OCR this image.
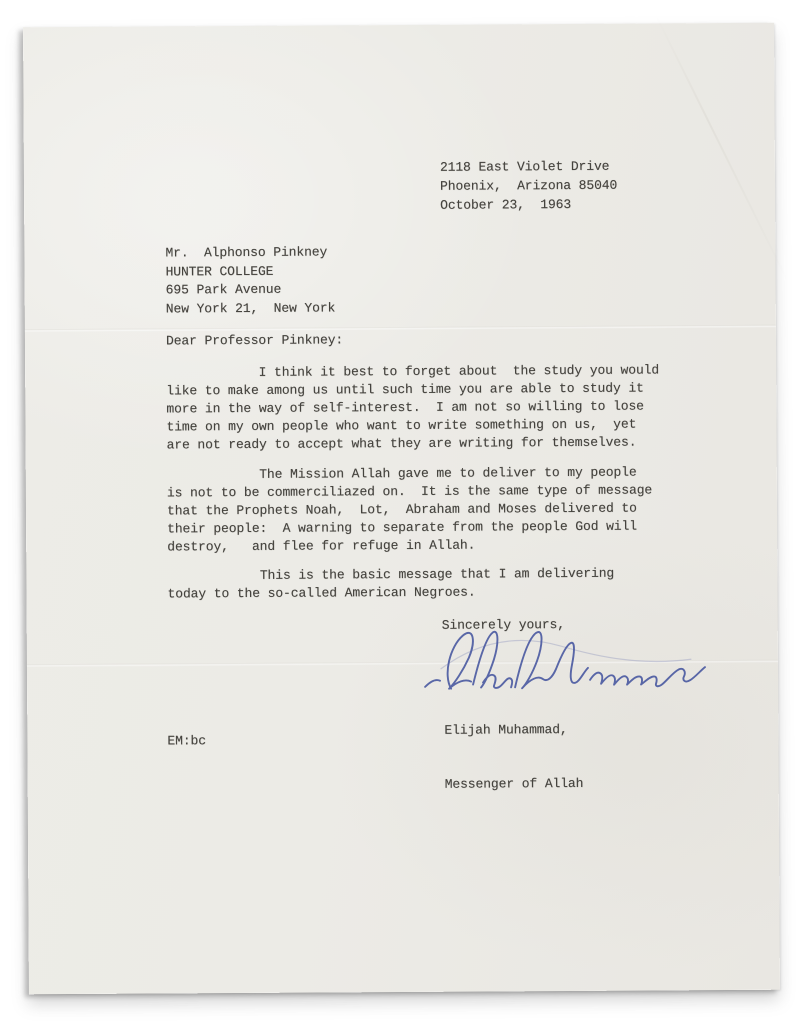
2118 East Violet Drive
Phoenix,  Arizona 85040
October 23,  1963
Mr.  Alphonso Pinkney
HUNTER COLLEGE
695 Park Avenue
New York 21,  New York
Dear Professor Pinkney:
I think it best to forget about  the study you would
like to make among us until such time you are able to study it
more in the way of self-interest.  I am not so willing to lose
time on my own people who want to write something on us,  yet
are not ready to accept what they are writing for themselves.
The Mission Allah gave me to deliver to my people
is not to be commerciliazed on.  It is the same type of message
that the Prophets Noah,  Lot,  Abraham and Moses delivered to
their people:  A warning to separate from the people God will
destroy,   and flee for refuge in Allah.
This is the basic message that I am delivering
today to the so-called American Negroes.
Sincerely yours,

Elijah Muhammad,

Messenger of Allah

EM:bc
